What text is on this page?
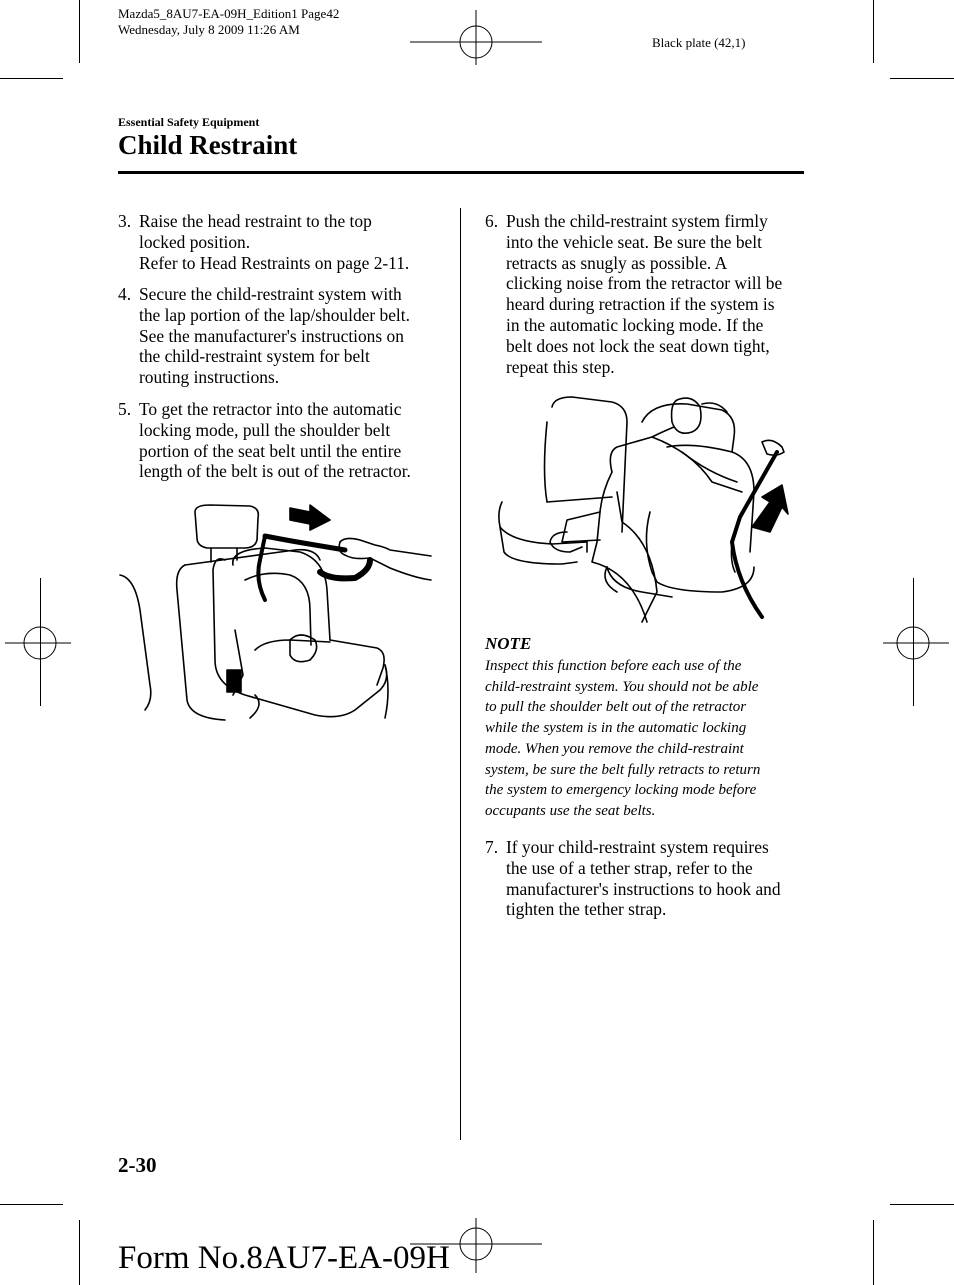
Mazda5_8AU7-EA-09H_Edition1 Page42
Wednesday, July 8 2009 11:26 AM
Black plate (42,1)
Essential Safety Equipment
Child Restraint
3. Raise the head restraint to the top
locked position.
Refer to Head Restraints on page 2-11.
4. Secure the child-restraint system with
the lap portion of the lap/shoulder belt.
See the manufacturer's instructions on
the child-restraint system for belt
routing instructions.
5. To get the retractor into the automatic
locking mode, pull the shoulder belt
portion of the seat belt until the entire
length of the belt is out of the retractor.
6. Push the child-restraint system firmly
into the vehicle seat. Be sure the belt
retracts as snugly as possible. A
clicking noise from the retractor will be
heard during retraction if the system is
in the automatic locking mode. If the
belt does not lock the seat down tight,
repeat this step.
NOTE
Inspect this function before each use of the
child-restraint system. You should not be able
to pull the shoulder belt out of the retractor
while the system is in the automatic locking
mode. When you remove the child-restraint
system, be sure the belt fully retracts to return
the system to emergency locking mode before
occupants use the seat belts.
7. If your child-restraint system requires
the use of a tether strap, refer to the
manufacturer's instructions to hook and
tighten the tether strap.
2-30
Form No.8AU7-EA-09H
